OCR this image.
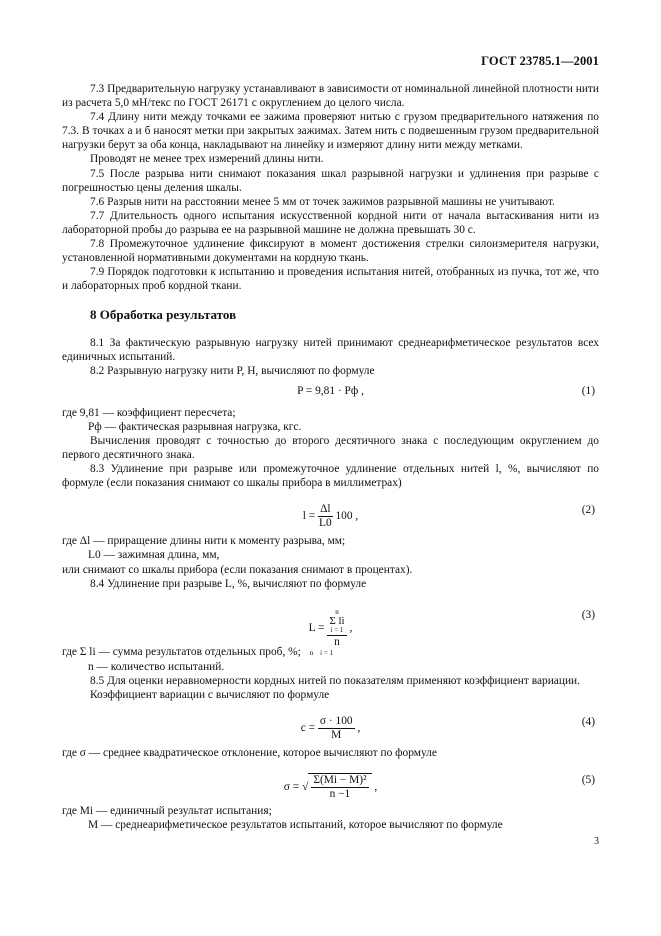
ГОСТ 23785.1—2001

7.3 Предварительную нагрузку устанавливают в зависимости от номинальной линейной плотности нити из расчета 5,0 мН/текс по ГОСТ 26171 с округлением до целого числа.

7.4 Длину нити между точками ее зажима проверяют нитью с грузом предварительного натяжения по 7.3. В точках а и б наносят метки при закрытых зажимах. Затем нить с подвешенным грузом предварительной нагрузки берут за оба конца, накладывают на линейку и измеряют длину нити между метками.

Проводят не менее трех измерений длины нити.

7.5 После разрыва нити снимают показания шкал разрывной нагрузки и удлинения при разрыве с погрешностью цены деления шкалы.

7.6 Разрыв нити на расстоянии менее 5 мм от точек зажимов разрывной машины не учитывают.

7.7 Длительность одного испытания искусственной кордной нити от начала вытаскивания нити из лабораторной пробы до разрыва ее на разрывной машине не должна превышать 30 с.

7.8 Промежуточное удлинение фиксируют в момент достижения стрелки силоизмерителя нагрузки, установленной нормативными документами на кордную ткань.

7.9 Порядок подготовки к испытанию и проведения испытания нитей, отобранных из пучка, тот же, что и лабораторных проб кордной ткани.

8 Обработка результатов

8.1 За фактическую разрывную нагрузку нитей принимают среднеарифметическое результатов всех единичных испытаний.

8.2 Разрывную нагрузку нити P, Н, вычисляют по формуле

P = 9,81 · Pф ,	(1)

где 9,81 — коэффициент пересчета;

Pф — фактическая разрывная нагрузка, кгс.

Вычисления проводят с точностью до второго десятичного знака с последующим округлением до первого десятичного знака.

8.3 Удлинение при разрыве или промежуточное удлинение отдельных нитей l, %, вычисляют по формуле (если показания снимают со шкалы прибора в миллиметрах)

$l = \frac{\Delta l}{L0} 100$ ,
(2)

где Δl — приращение длины нити к моменту разрыва, мм;

L0 — зажимная длина, мм,

или снимают со шкалы прибора (если показания снимают в процентах).

8.4 Удлинение при разрыве L, %, вычисляют по формуле

L = n
Σ li
i = 1
n ,
(3)

где Σ li — сумма результатов отдельных проб, %; n i = 1

n — количество испытаний.

8.5 Для оценки неравномерности кордных нитей по показателям применяют коэффициент вариации.

Коэффициент вариации c вычисляют по формуле

$c = \frac{\sigma \cdot 100}{M}$ ,
(4)

где σ — среднее квадратическое отклонение, которое вычисляют по формуле

σ = √ $\frac{\text{Σ(Mi − M)²}}{n -1}$ ,
(5)

где Mi — единичный результат испытания;

M — среднеарифметическое результатов испытаний, которое вычисляют по формуле

3
